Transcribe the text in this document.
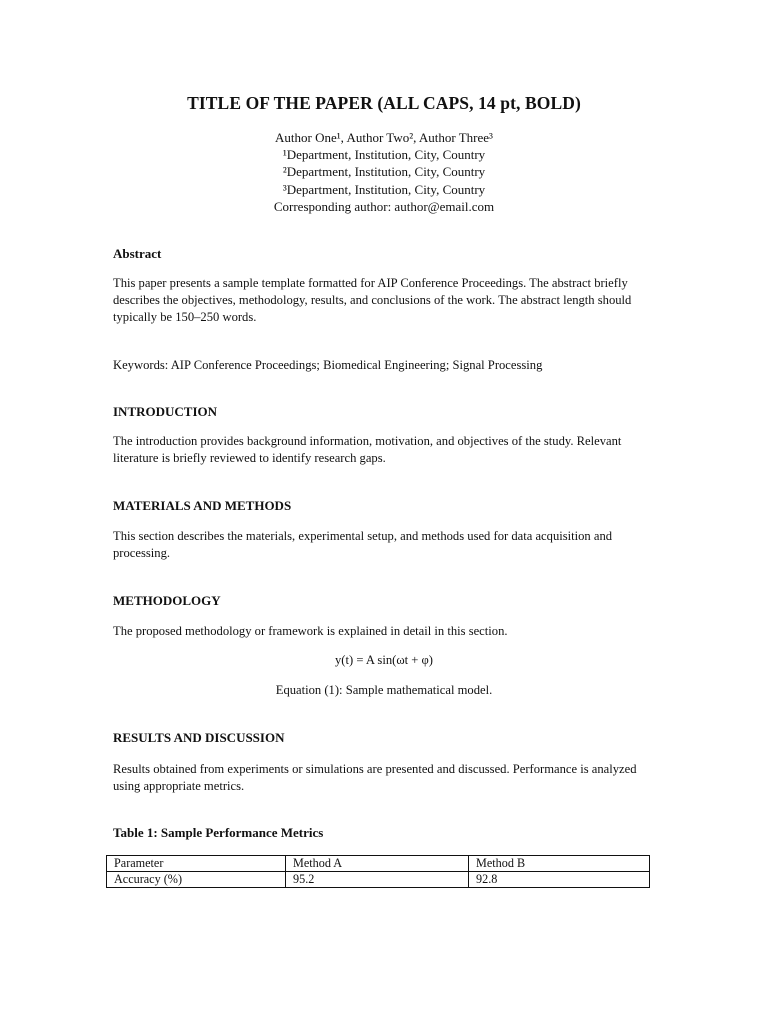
TITLE OF THE PAPER (ALL CAPS, 14 pt, BOLD)
Author One¹, Author Two², Author Three³
¹Department, Institution, City, Country
²Department, Institution, City, Country
³Department, Institution, City, Country
Corresponding author: author@email.com
Abstract
This paper presents a sample template formatted for AIP Conference Proceedings. The abstract briefly describes the objectives, methodology, results, and conclusions of the work. The abstract length should typically be 150–250 words.
Keywords: AIP Conference Proceedings; Biomedical Engineering; Signal Processing
INTRODUCTION
The introduction provides background information, motivation, and objectives of the study. Relevant literature is briefly reviewed to identify research gaps.
MATERIALS AND METHODS
This section describes the materials, experimental setup, and methods used for data acquisition and processing.
METHODOLOGY
The proposed methodology or framework is explained in detail in this section.
y(t) = A sin(ωt + φ)
Equation (1): Sample mathematical model.
RESULTS AND DISCUSSION
Results obtained from experiments or simulations are presented and discussed. Performance is analyzed using appropriate metrics.
Table 1: Sample Performance Metrics
Parameter	Method A	Method B
Accuracy (%)	95.2	92.8
